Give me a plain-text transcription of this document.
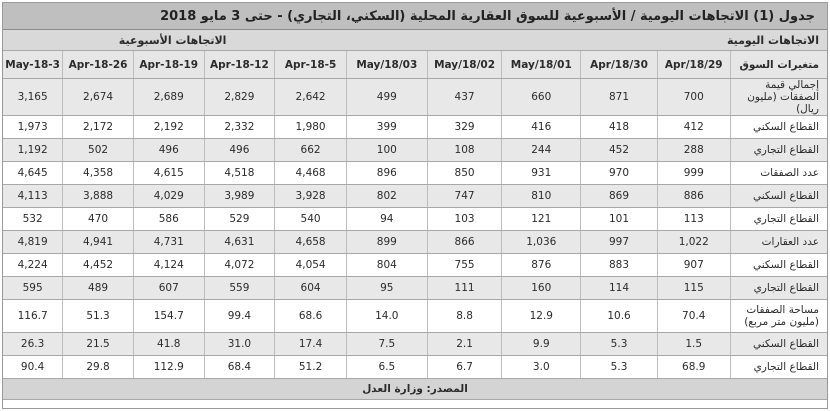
جدول (1) الاتجاهات اليومية / الأسبوعية للسوق العقارية المحلية (السكني، التجاري) - حتى 3 مايو 2018
الاتجاهات اليومية						الاتجاهات الأسبوعية				
متغيرات السوق	Apr/18/29	Apr/18/30	May/18/01	May/18/02	May/18/03	5-Apr-18	12-Apr-18	19-Apr-18	26-Apr-18	3-May-18
إجمالي قيمة الصفقات (مليون ريال)	700	871	660	437	499	2,642	2,829	2,689	2,674	3,165
القطاع السكني	412	418	416	329	399	1,980	2,332	2,192	2,172	1,973
القطاع التجاري	288	452	244	108	100	662	496	496	502	1,192
عدد الصفقات	999	970	931	850	896	4,468	4,518	4,615	4,358	4,645
القطاع السكني	886	869	810	747	802	3,928	3,989	4,029	3,888	4,113
القطاع التجاري	113	101	121	103	94	540	529	586	470	532
عدد العقارات	1,022	997	1,036	866	899	4,658	4,631	4,731	4,941	4,819
القطاع السكني	907	883	876	755	804	4,054	4,072	4,124	4,452	4,224
القطاع التجاري	115	114	160	111	95	604	559	607	489	595
مساحة الصفقات (مليون متر مربع)	70.4	10.6	12.9	8.8	14.0	68.6	99.4	154.7	51.3	116.7
القطاع السكني	1.5	5.3	9.9	2.1	7.5	17.4	31.0	41.8	21.5	26.3
القطاع التجاري	68.9	5.3	3.0	6.7	6.5	51.2	68.4	112.9	29.8	90.4
المصدر: وزارة العدل										
